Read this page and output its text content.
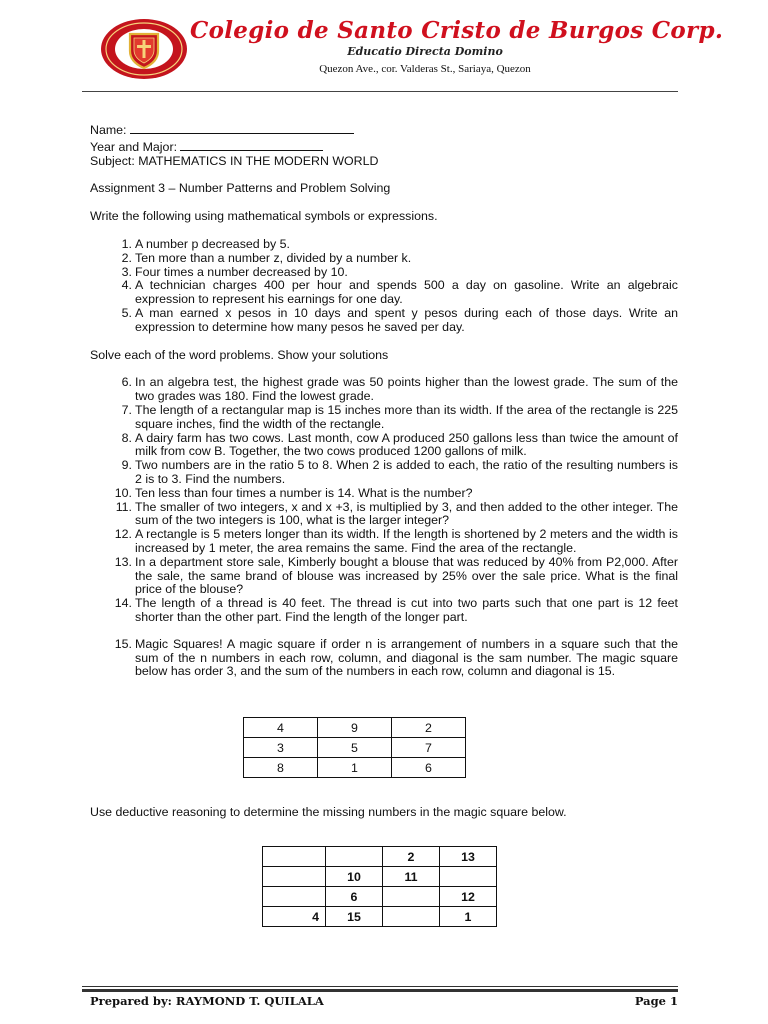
Colegio de Santo Cristo de Burgos Corp.
Educatio Directa Domino
Quezon Ave., cor. Valderas St., Sariaya, Quezon

Name:

Year and Major:

Subject: MATHEMATICS IN THE MODERN WORLD

Assignment 3 – Number Patterns and Problem Solving

Write the following using mathematical symbols or expressions.

1. A number p decreased by 5.
2. Ten more than a number z, divided by a number k.
3. Four times a number decreased by 10.
4. A technician charges 400 per hour and spends 500 a day on gasoline. Write an algebraic expression to represent his earnings for one day.
5. A man earned x pesos in 10 days and spent y pesos during each of those days. Write an expression to determine how many pesos he saved per day.

Solve each of the word problems. Show your solutions

6. In an algebra test, the highest grade was 50 points higher than the lowest grade. The sum of the two grades was 180. Find the lowest grade.
7. The length of a rectangular map is 15 inches more than its width. If the area of the rectangle is 225 square inches, find the width of the rectangle.
8. A dairy farm has two cows. Last month, cow A produced 250 gallons less than twice the amount of milk from cow B. Together, the two cows produced 1200 gallons of milk.
9. Two numbers are in the ratio 5 to 8. When 2 is added to each, the ratio of the resulting numbers is 2 is to 3. Find the numbers.
10. Ten less than four times a number is 14. What is the number?
11. The smaller of two integers, x and x +3, is multiplied by 3, and then added to the other integer. The sum of the two integers is 100, what is the larger integer?
12. A rectangle is 5 meters longer than its width. If the length is shortened by 2 meters and the width is increased by 1 meter, the area remains the same. Find the area of the rectangle.
13. In a department store sale, Kimberly bought a blouse that was reduced by 40% from P2,000. After the sale, the same brand of blouse was increased by 25% over the sale price. What is the final price of the blouse?
14. The length of a thread is 40 feet. The thread is cut into two parts such that one part is 12 feet shorter than the other part. Find the length of the longer part.
15. Magic Squares! A magic square if order n is arrangement of numbers in a square such that the sum of the n numbers in each row, column, and diagonal is the sam number. The magic square below has order 3, and the sum of the numbers in each row, column and diagonal is 15.
4	9	2
3	5	7
8	1	6
Use deductive reasoning to determine the missing numbers in the magic square below.
		2	13
	10	11	
	6		12
4	15		1
Prepared by: RAYMOND T. QUILALA	Page 1
